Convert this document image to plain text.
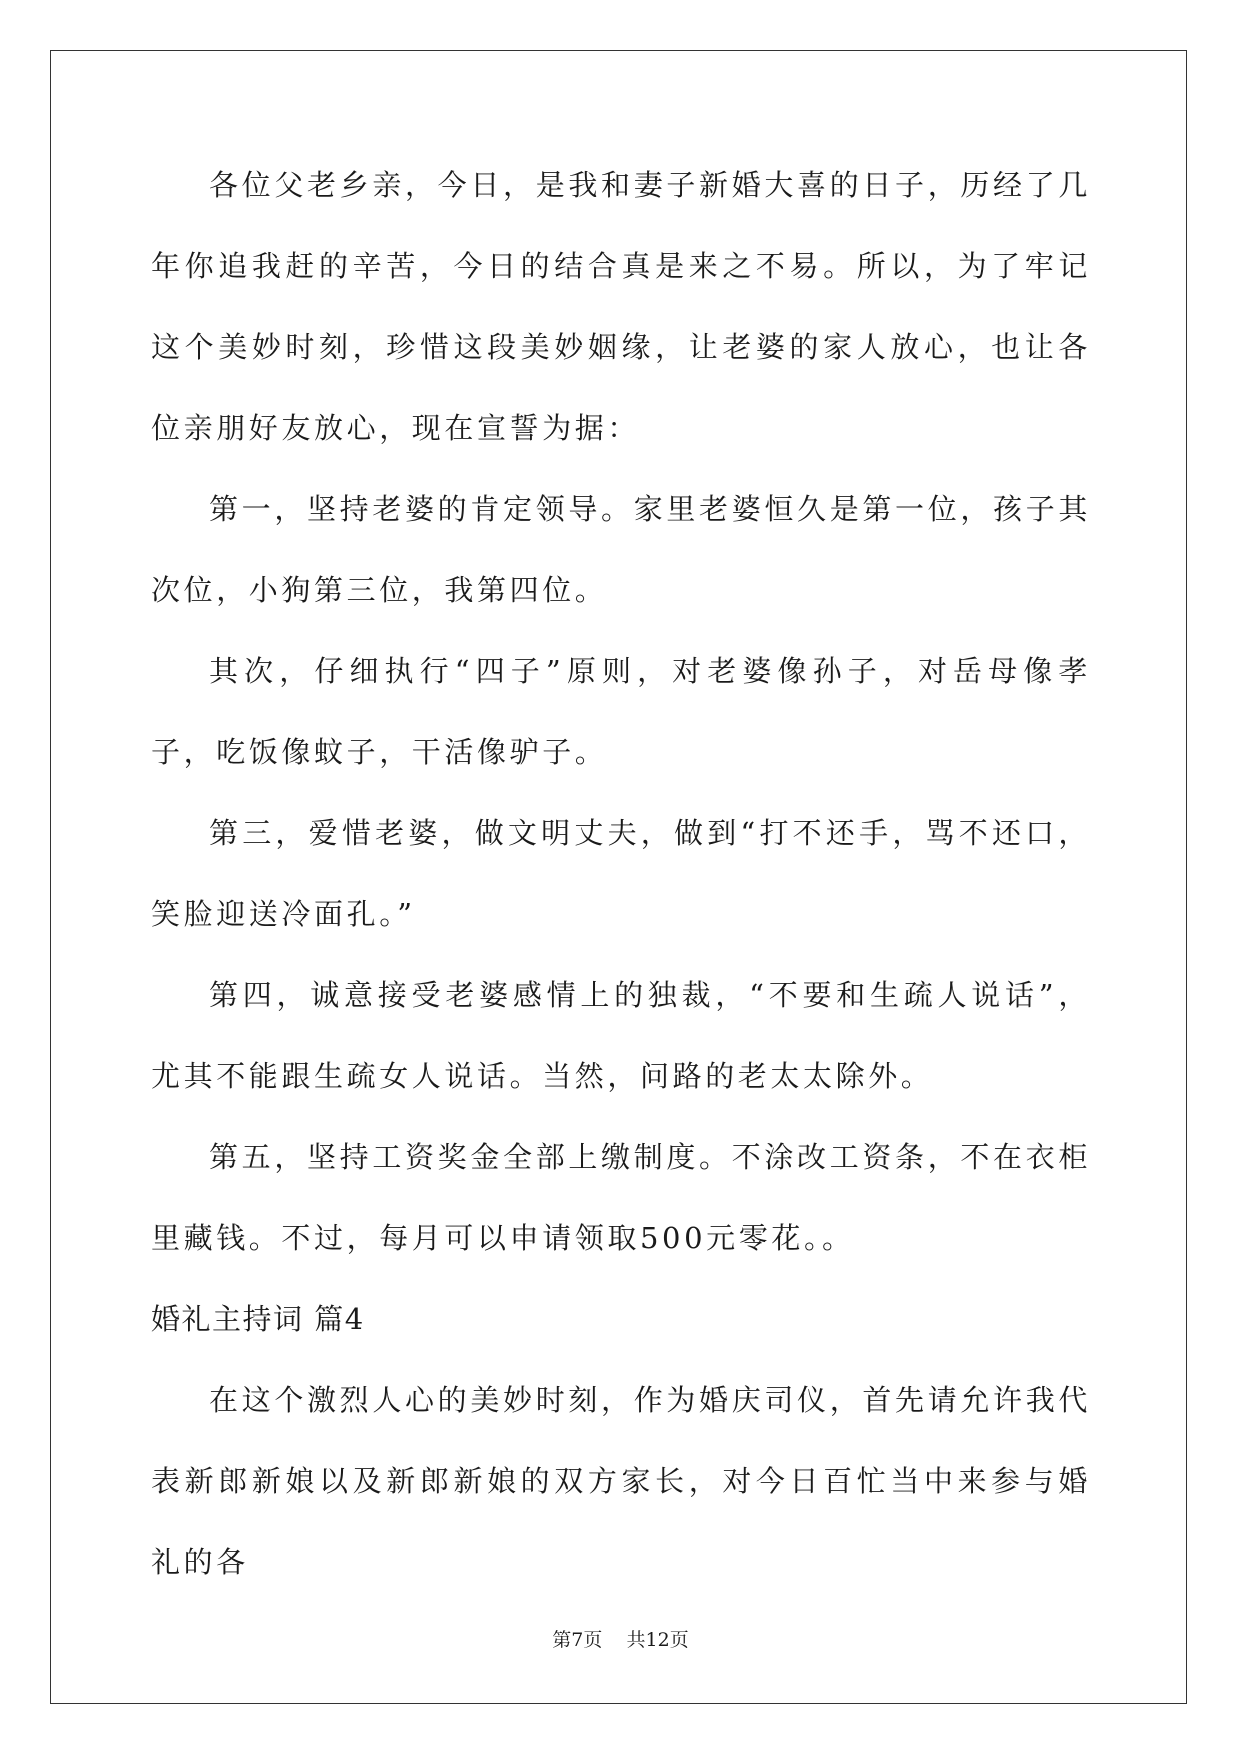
各位父老乡亲，今日，是我和妻子新婚大喜的日子，历经了几年你追我赶的辛苦，今日的结合真是来之不易。所以，为了牢记这个美妙时刻，珍惜这段美妙姻缘，让老婆的家人放心，也让各位亲朋好友放心，现在宣誓为据：

第一，坚持老婆的肯定领导。家里老婆恒久是第一位，孩子其次位，小狗第三位，我第四位。

其次，仔细执行“四子”原则，对老婆像孙子，对岳母像孝子，吃饭像蚊子，干活像驴子。

第三，爱惜老婆，做文明丈夫，做到“打不还手，骂不还口，笑脸迎送冷面孔。”

第四，诚意接受老婆感情上的独裁，“不要和生疏人说话”，尤其不能跟生疏女人说话。当然，问路的老太太除外。

第五，坚持工资奖金全部上缴制度。不涂改工资条，不在衣柜里藏钱。不过，每月可以申请领取500元零花。。

婚礼主持词 篇4

在这个激烈人心的美妙时刻，作为婚庆司仪，首先请允许我代表新郎新娘以及新郎新娘的双方家长，对今日百忙当中来参与婚礼的各

第7页 共12页
